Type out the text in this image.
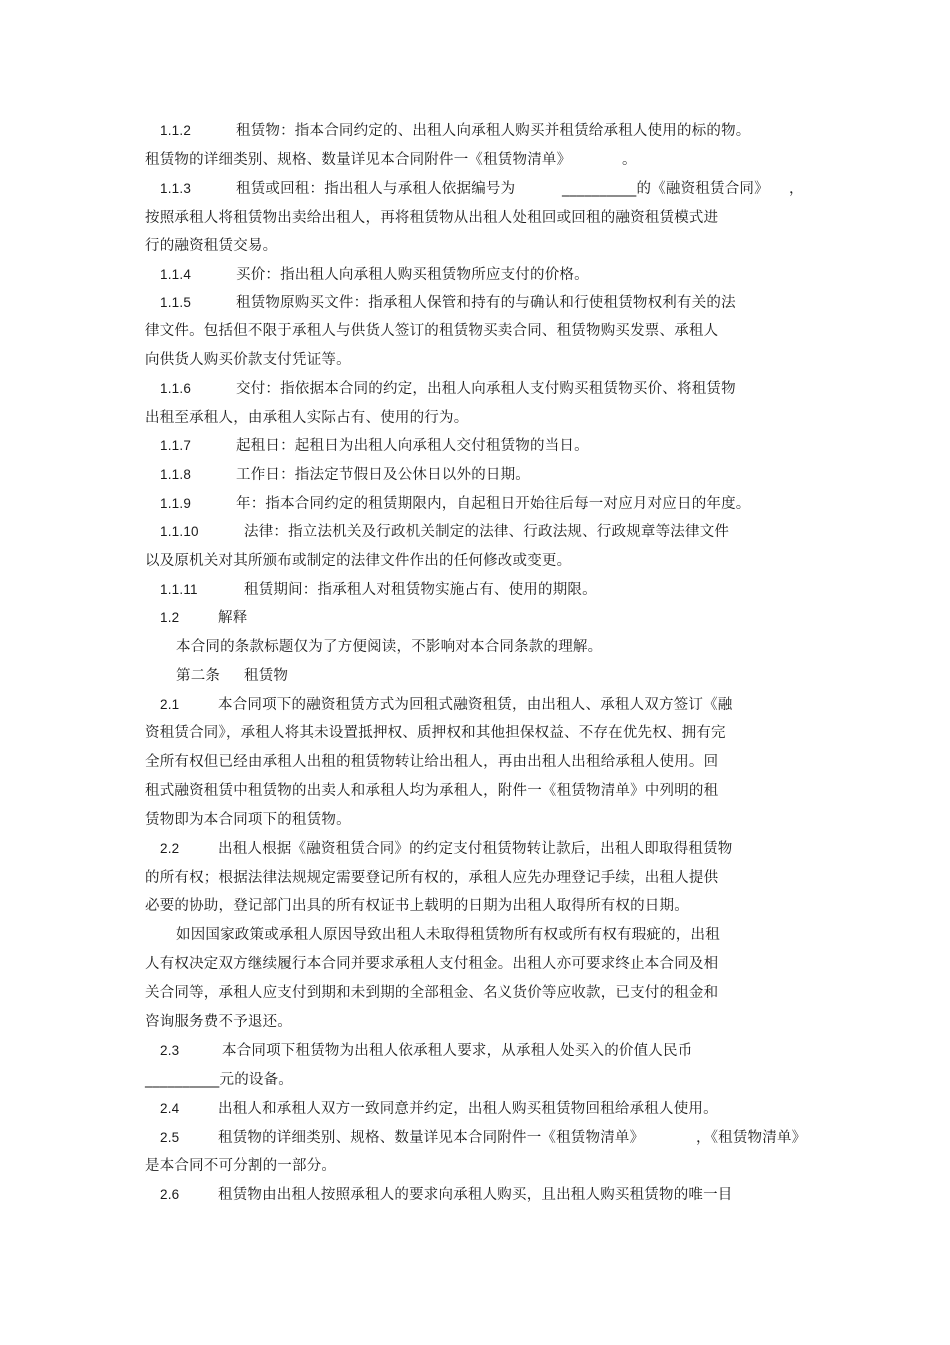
1.1.2	租赁物：指本合同约定的、出租人向承租人购买并租赁给承租人使用的标的物。
租赁物的详细类别、规格、数量详见本合同附件一《租赁物清单》	。
1.1.3	租赁或回租：指出租人与承租人依据编号为	__________的《融资租赁合同》 ，
按照承租人将租赁物出卖给出租人，再将租赁物从出租人处租回或回租的融资租赁模式进
行的融资租赁交易。
1.1.4	买价：指出租人向承租人购买租赁物所应支付的价格。
1.1.5	租赁物原购买文件：指承租人保管和持有的与确认和行使租赁物权利有关的法
律文件。包括但不限于承租人与供货人签订的租赁物买卖合同、租赁物购买发票、承租人
向供货人购买价款支付凭证等。
1.1.6	交付：指依据本合同的约定，出租人向承租人支付购买租赁物买价、将租赁物
出租至承租人，由承租人实际占有、使用的行为。
1.1.7	起租日：起租日为出租人向承租人交付租赁物的当日。
1.1.8	工作日：指法定节假日及公休日以外的日期。
1.1.9	年：指本合同约定的租赁期限内，自起租日开始往后每一对应月对应日的年度。
1.1.10	法律：指立法机关及行政机关制定的法律、行政法规、行政规章等法律文件
以及原机关对其所颁布或制定的法律文件作出的任何修改或变更。
1.1.11	租赁期间：指承租人对租赁物实施占有、使用的期限。
1.2	解释
本合同的条款标题仅为了方便阅读，不影响对本合同条款的理解。
第二条 租赁物
2.1	本合同项下的融资租赁方式为回租式融资租赁，由出租人、承租人双方签订《融
资租赁合同》，承租人将其未设置抵押权、质押权和其他担保权益、不存在优先权、拥有完
全所有权但已经由承租人出租的租赁物转让给出租人，再由出租人出租给承租人使用。回
租式融资租赁中租赁物的出卖人和承租人均为承租人，附件一《租赁物清单》中列明的租
赁物即为本合同项下的租赁物。
2.2	出租人根据《融资租赁合同》的约定支付租赁物转让款后，出租人即取得租赁物
的所有权；根据法律法规规定需要登记所有权的，承租人应先办理登记手续，出租人提供
必要的协助，登记部门出具的所有权证书上载明的日期为出租人取得所有权的日期。
如因国家政策或承租人原因导致出租人未取得租赁物所有权或所有权有瑕疵的，出租
人有权决定双方继续履行本合同并要求承租人支付租金。出租人亦可要求终止本合同及相
关合同等，承租人应支付到期和未到期的全部租金、名义货价等应收款，已支付的租金和
咨询服务费不予退还。
2.3	本合同项下租赁物为出租人依承租人要求，从承租人处买入的价值人民币
__________元的设备。
2.4	出租人和承租人双方一致同意并约定，出租人购买租赁物回租给承租人使用。
2.5	租赁物的详细类别、规格、数量详见本合同附件一《租赁物清单》	，《租赁物清单》
是本合同不可分割的一部分。
2.6	租赁物由出租人按照承租人的要求向承租人购买，且出租人购买租赁物的唯一目
